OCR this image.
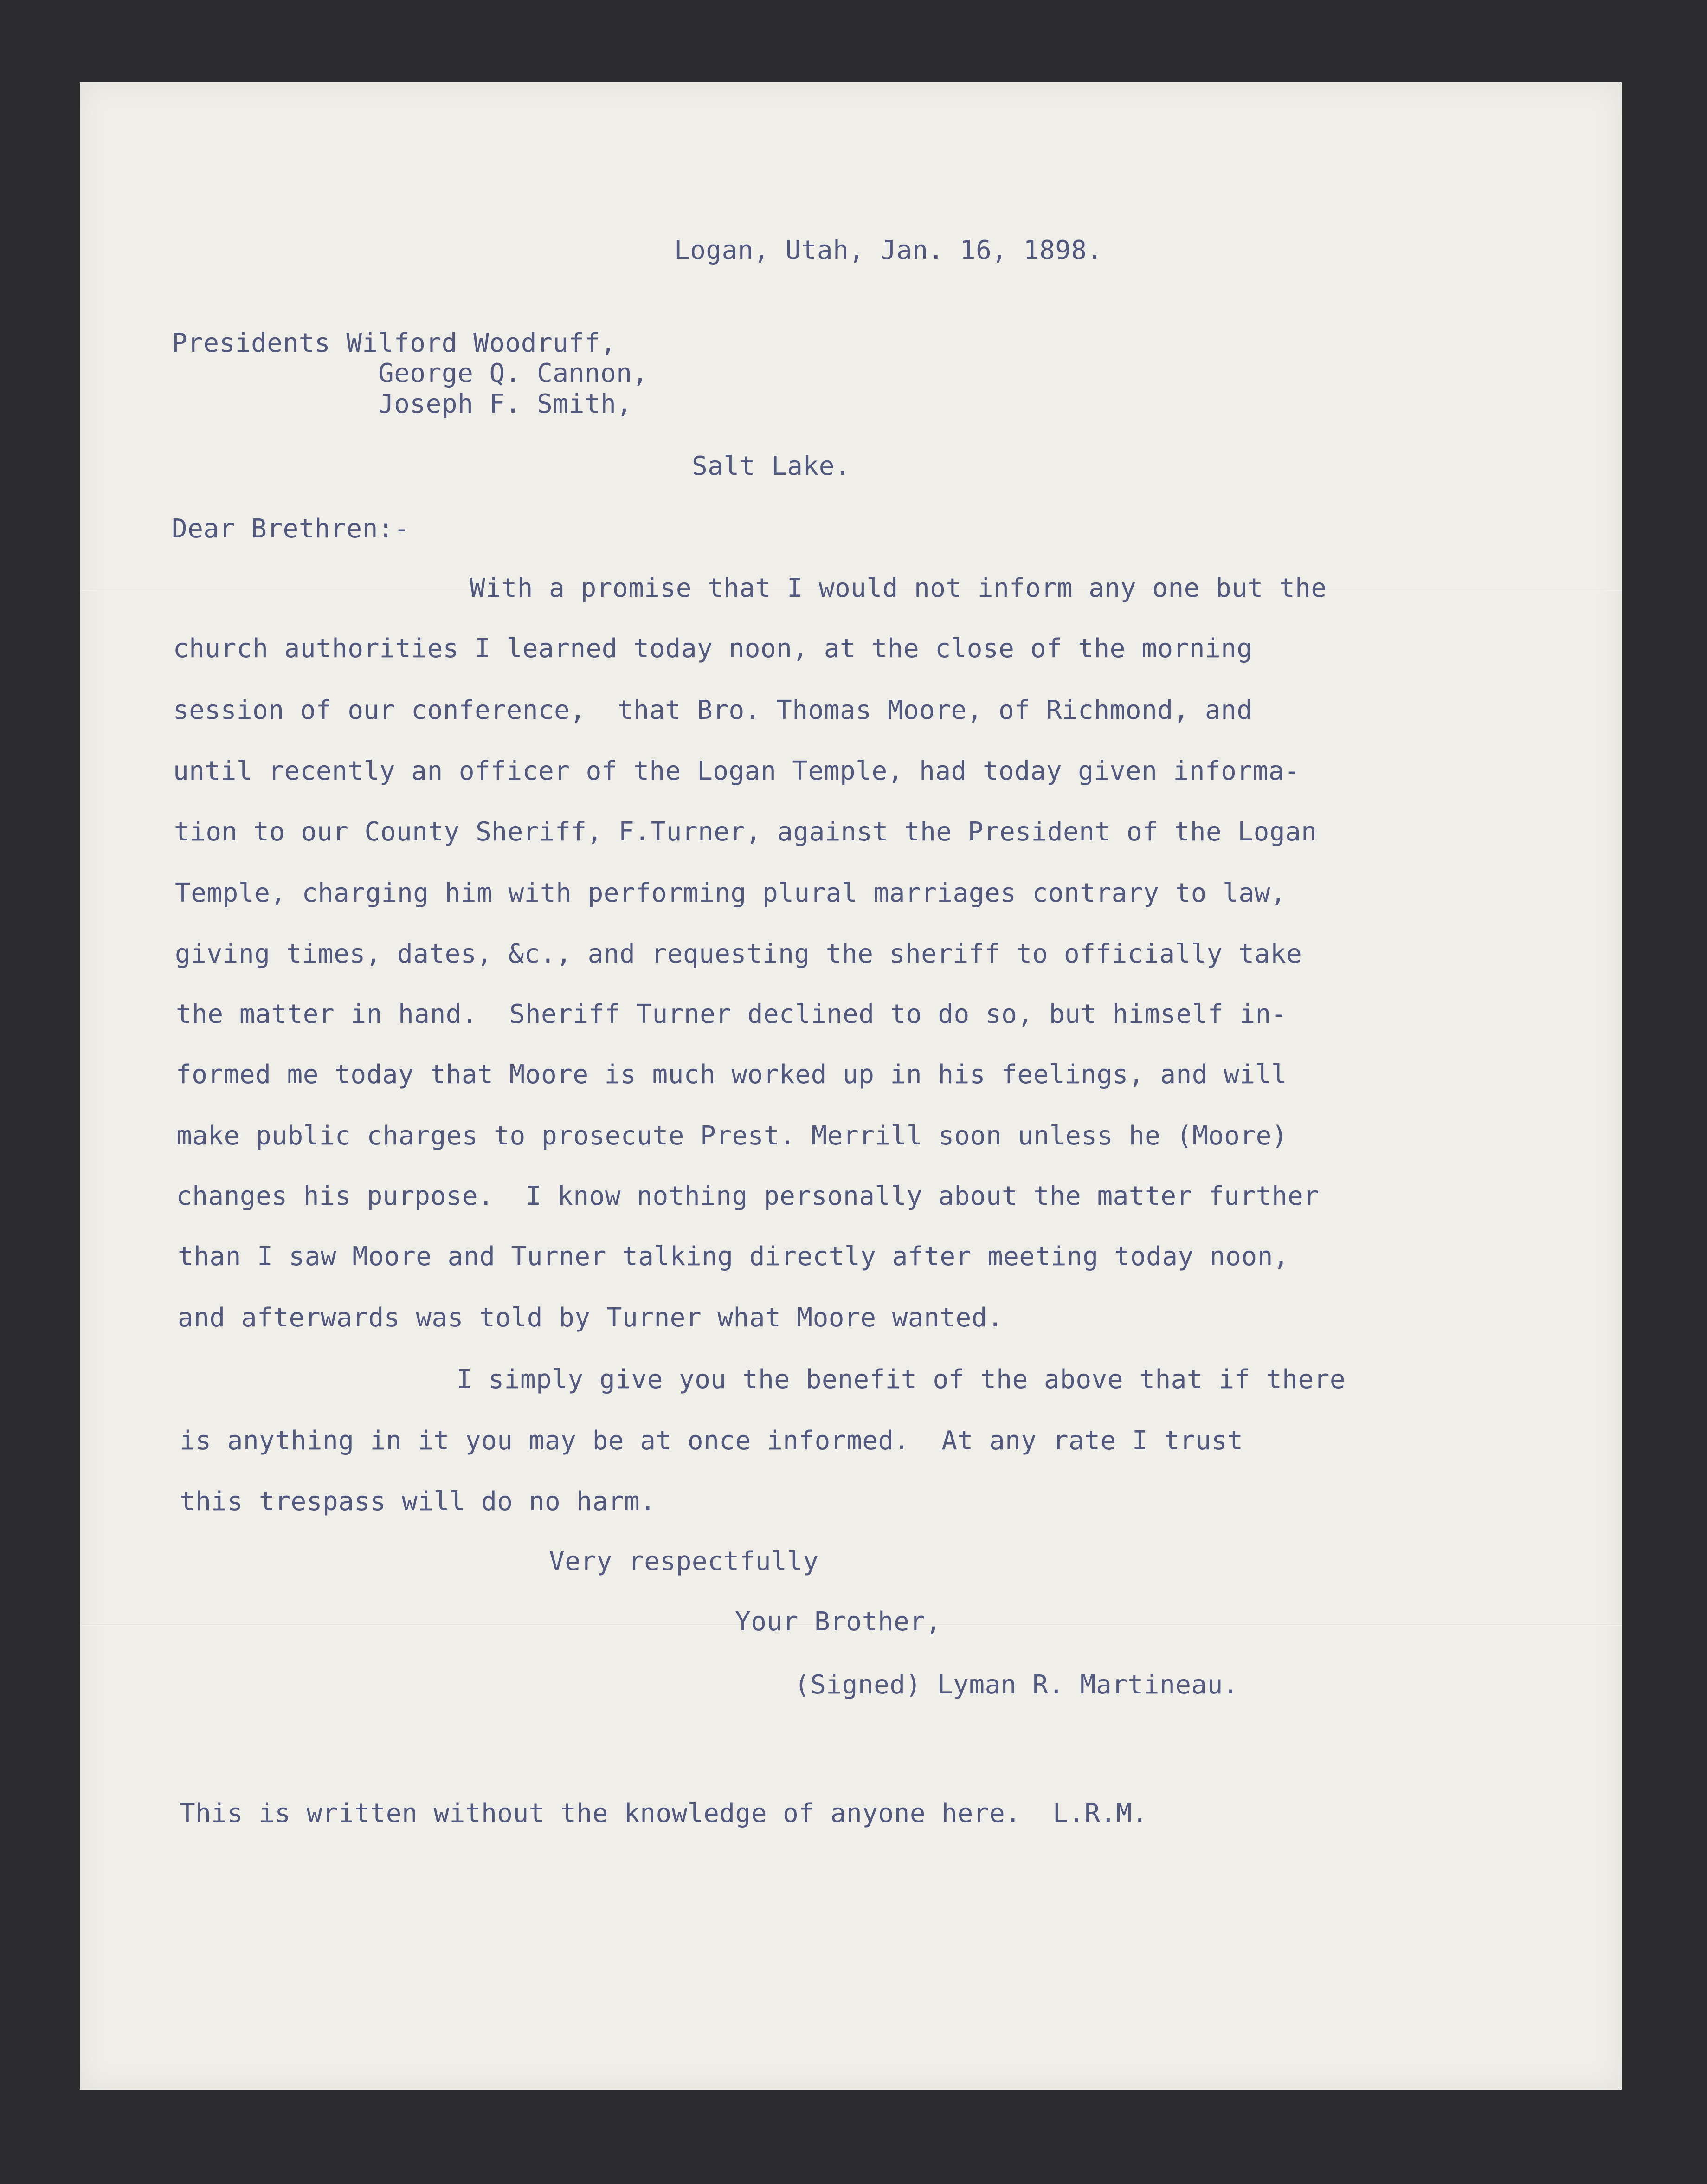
Logan, Utah, Jan. 16, 1898.

Presidents Wilford Woodruff,

George Q. Cannon,

Joseph F. Smith,

Salt Lake.

Dear Brethren:-

With a promise that I would not inform any one but the

church authorities I learned today noon, at the close of the morning

session of our conference,  that Bro. Thomas Moore, of Richmond, and

until recently an officer of the Logan Temple, had today given informa-

tion to our County Sheriff, F.Turner, against the President of the Logan

Temple, charging him with performing plural marriages contrary to law,

giving times, dates, &c., and requesting the sheriff to officially take

the matter in hand.  Sheriff Turner declined to do so, but himself in-

formed me today that Moore is much worked up in his feelings, and will

make public charges to prosecute Prest. Merrill soon unless he (Moore)

changes his purpose.  I know nothing personally about the matter further

than I saw Moore and Turner talking directly after meeting today noon,

and afterwards was told by Turner what Moore wanted.

I simply give you the benefit of the above that if there

is anything in it you may be at once informed.  At any rate I trust

this trespass will do no harm.

Very respectfully

Your Brother,

(Signed) Lyman R. Martineau.

This is written without the knowledge of anyone here.  L.R.M.
